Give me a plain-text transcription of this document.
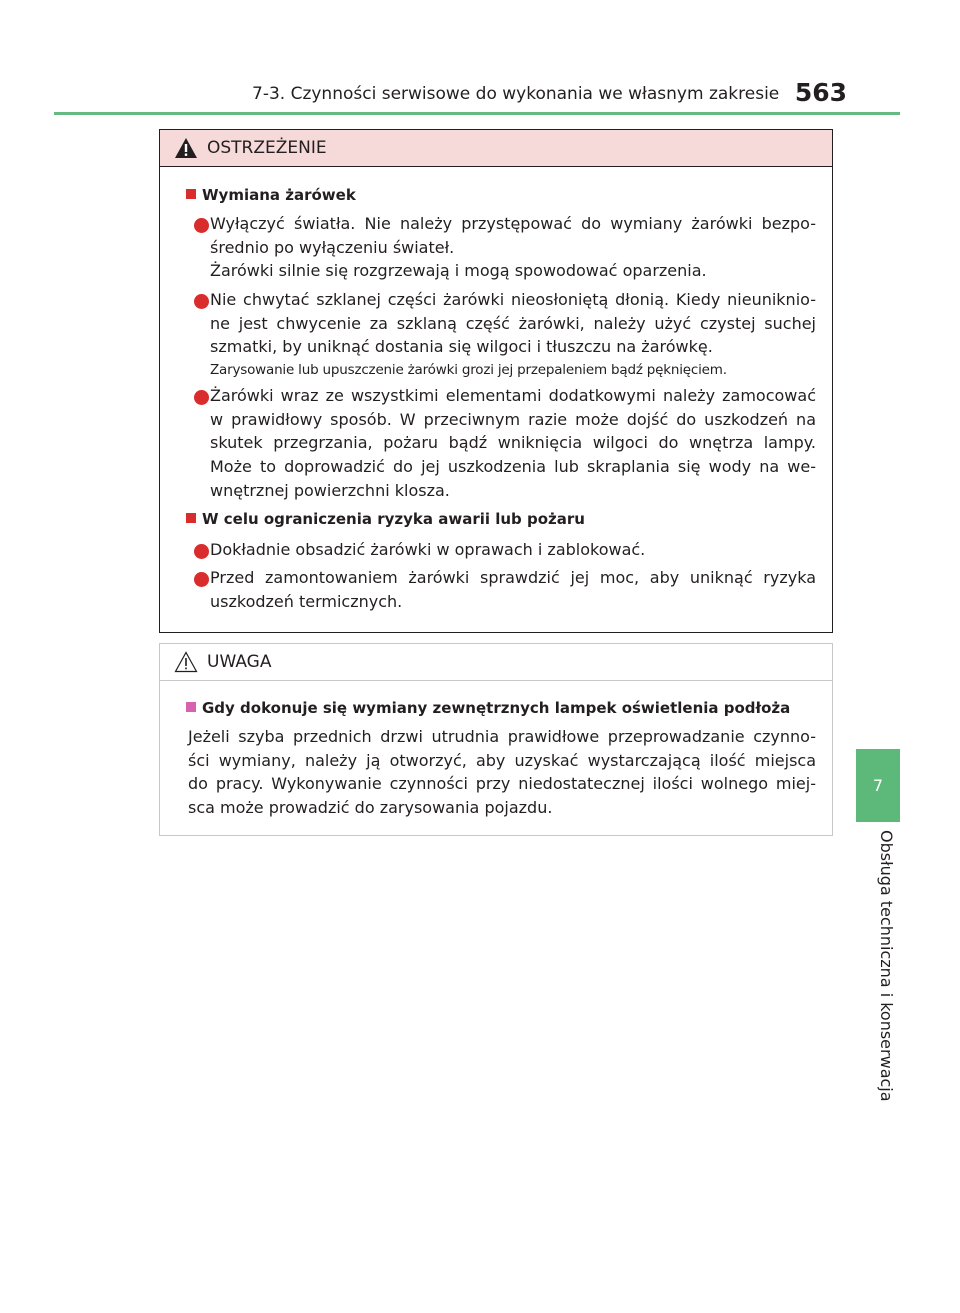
7-3. Czynności serwisowe do wykonania we własnym zakresie 563
7
Obsługa techniczna i konserwacja
OSTRZEŻENIE
Wymiana żarówek
Wyłączyć światła. Nie należy przystępować do wymiany żarówki bezpo-
średnio po wyłączeniu świateł.
Żarówki silnie się rozgrzewają i mogą spowodować oparzenia.
Nie chwytać szklanej części żarówki nieosłoniętą dłonią. Kiedy nieuniknio-
ne jest chwycenie za szklaną część żarówki, należy użyć czystej suchej
szmatki, by uniknąć dostania się wilgoci i tłuszczu na żarówkę.
Zarysowanie lub upuszczenie żarówki grozi jej przepaleniem bądź pęknięciem.
Żarówki wraz ze wszystkimi elementami dodatkowymi należy zamocować
w prawidłowy sposób. W przeciwnym razie może dojść do uszkodzeń na
skutek przegrzania, pożaru bądź wniknięcia wilgoci do wnętrza lampy.
Może to doprowadzić do jej uszkodzenia lub skraplania się wody na we-
wnętrznej powierzchni klosza.
W celu ograniczenia ryzyka awarii lub pożaru
Dokładnie obsadzić żarówki w oprawach i zablokować.
Przed zamontowaniem żarówki sprawdzić jej moc, aby uniknąć ryzyka
uszkodzeń termicznych.
UWAGA
Gdy dokonuje się wymiany zewnętrznych lampek oświetlenia podłoża
Jeżeli szyba przednich drzwi utrudnia prawidłowe przeprowadzanie czynno-
ści wymiany, należy ją otworzyć, aby uzyskać wystarczającą ilość miejsca
do pracy. Wykonywanie czynności przy niedostatecznej ilości wolnego miej-
sca może prowadzić do zarysowania pojazdu.
